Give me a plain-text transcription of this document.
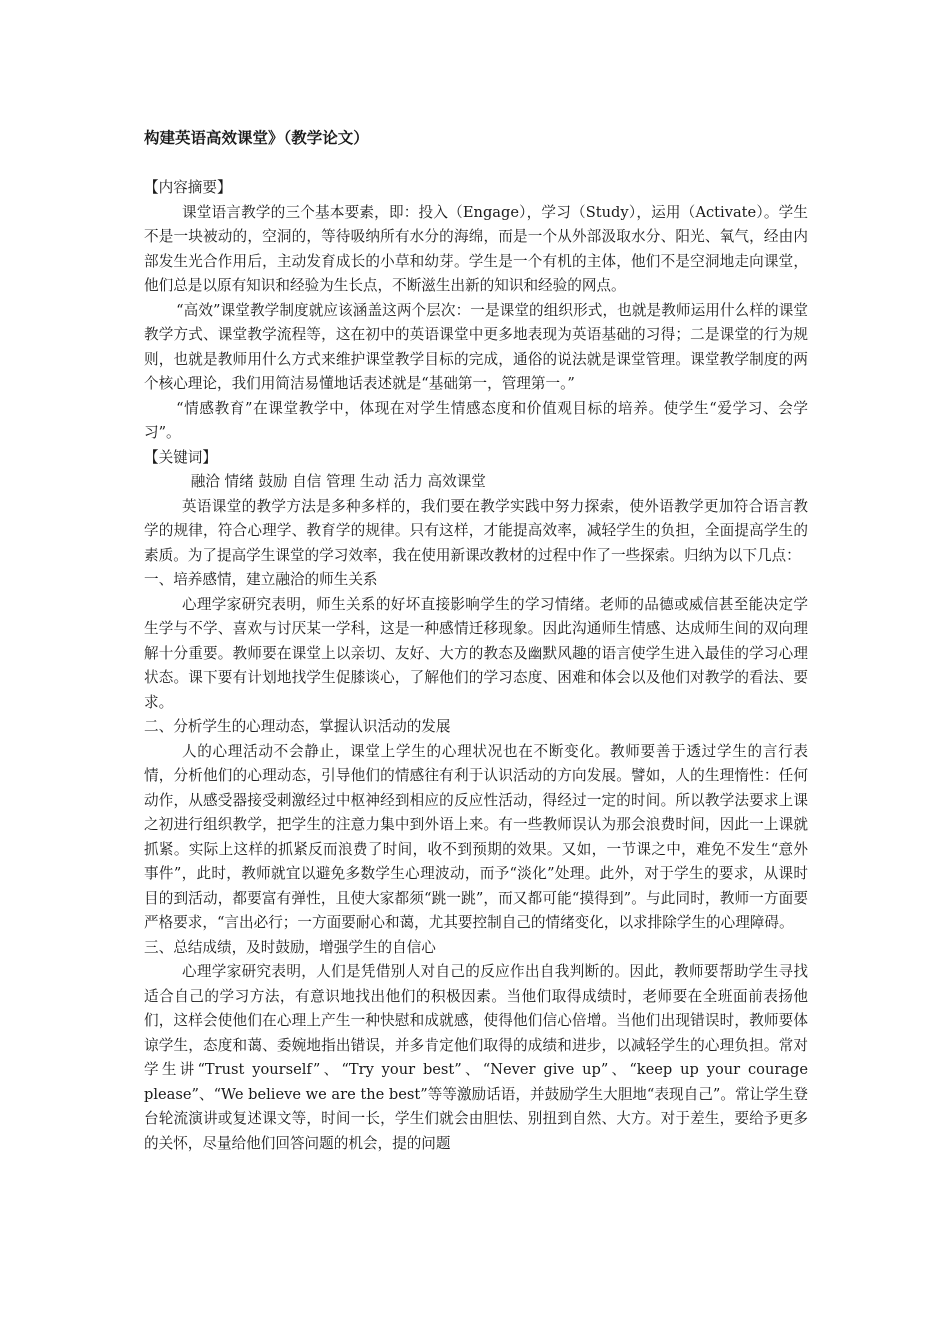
构建英语高效课堂》（教学论文）

【内容摘要】

课堂语言教学的三个基本要素，即：投入（Engage），学习（Study），运用（Activate）。学生不是一块被动的，空洞的，等待吸纳所有水分的海绵，而是一个从外部汲取水分、阳光、氧气，经由内部发生光合作用后，主动发育成长的小草和幼芽。学生是一个有机的主体，他们不是空洞地走向课堂，他们总是以原有知识和经验为生长点，不断滋生出新的知识和经验的网点。

“高效”课堂教学制度就应该涵盖这两个层次：一是课堂的组织形式，也就是教师运用什么样的课堂教学方式、课堂教学流程等，这在初中的英语课堂中更多地表现为英语基础的习得；二是课堂的行为规则，也就是教师用什么方式来维护课堂教学目标的完成，通俗的说法就是课堂管理。课堂教学制度的两个核心理论，我们用简洁易懂地话表述就是“基础第一，管理第一。”

“情感教育”在课堂教学中，体现在对学生情感态度和价值观目标的培养。使学生“爱学习、会学习”。

【关键词】

融洽 情绪 鼓励 自信 管理 生动 活力 高效课堂

英语课堂的教学方法是多种多样的，我们要在教学实践中努力探索，使外语教学更加符合语言教学的规律，符合心理学、教育学的规律。只有这样，才能提高效率，减轻学生的负担，全面提高学生的素质。为了提高学生课堂的学习效率，我在使用新课改教材的过程中作了一些探索。归纳为以下几点：

一、培养感情，建立融洽的师生关系

心理学家研究表明，师生关系的好坏直接影响学生的学习情绪。老师的品德或威信甚至能决定学生学与不学、喜欢与讨厌某一学科，这是一种感情迁移现象。因此沟通师生情感、达成师生间的双向理解十分重要。教师要在课堂上以亲切、友好、大方的教态及幽默风趣的语言使学生进入最佳的学习心理状态。课下要有计划地找学生促膝谈心，了解他们的学习态度、困难和体会以及他们对教学的看法、要求。

二、分析学生的心理动态，掌握认识活动的发展

人的心理活动不会静止，课堂上学生的心理状况也在不断变化。教师要善于透过学生的言行表情，分析他们的心理动态，引导他们的情感往有利于认识活动的方向发展。譬如，人的生理惰性：任何动作，从感受器接受刺激经过中枢神经到相应的反应性活动，得经过一定的时间。所以教学法要求上课之初进行组织教学，把学生的注意力集中到外语上来。有一些教师误认为那会浪费时间，因此一上课就抓紧。实际上这样的抓紧反而浪费了时间，收不到预期的效果。又如，一节课之中，难免不发生“意外事件”，此时，教师就宜以避免多数学生心理波动，而予“淡化”处理。此外，对于学生的要求，从课时目的到活动，都要富有弹性，且使大家都须“跳一跳”，而又都可能“摸得到”。与此同时，教师一方面要严格要求，“言出必行；一方面要耐心和蔼，尤其要控制自己的情绪变化，以求排除学生的心理障碍。

三、总结成绩，及时鼓励，增强学生的自信心

心理学家研究表明，人们是凭借别人对自己的反应作出自我判断的。因此，教师要帮助学生寻找适合自己的学习方法，有意识地找出他们的积极因素。当他们取得成绩时，老师要在全班面前表扬他们，这样会使他们在心理上产生一种快慰和成就感，使得他们信心倍增。当他们出现错误时，教师要体谅学生，态度和蔼、委婉地指出错误，并多肯定他们取得的成绩和进步，以减轻学生的心理负担。常对学生讲“Trust yourself”、“Try your best”、“Never give up”、“keep up your courage please”、“We believe we are the best”等等激励话语，并鼓励学生大胆地“表现自己”。常让学生登台轮流演讲或复述课文等，时间一长，学生们就会由胆怯、别扭到自然、大方。对于差生，要给予更多的关怀，尽量给他们回答问题的机会，提的问题
